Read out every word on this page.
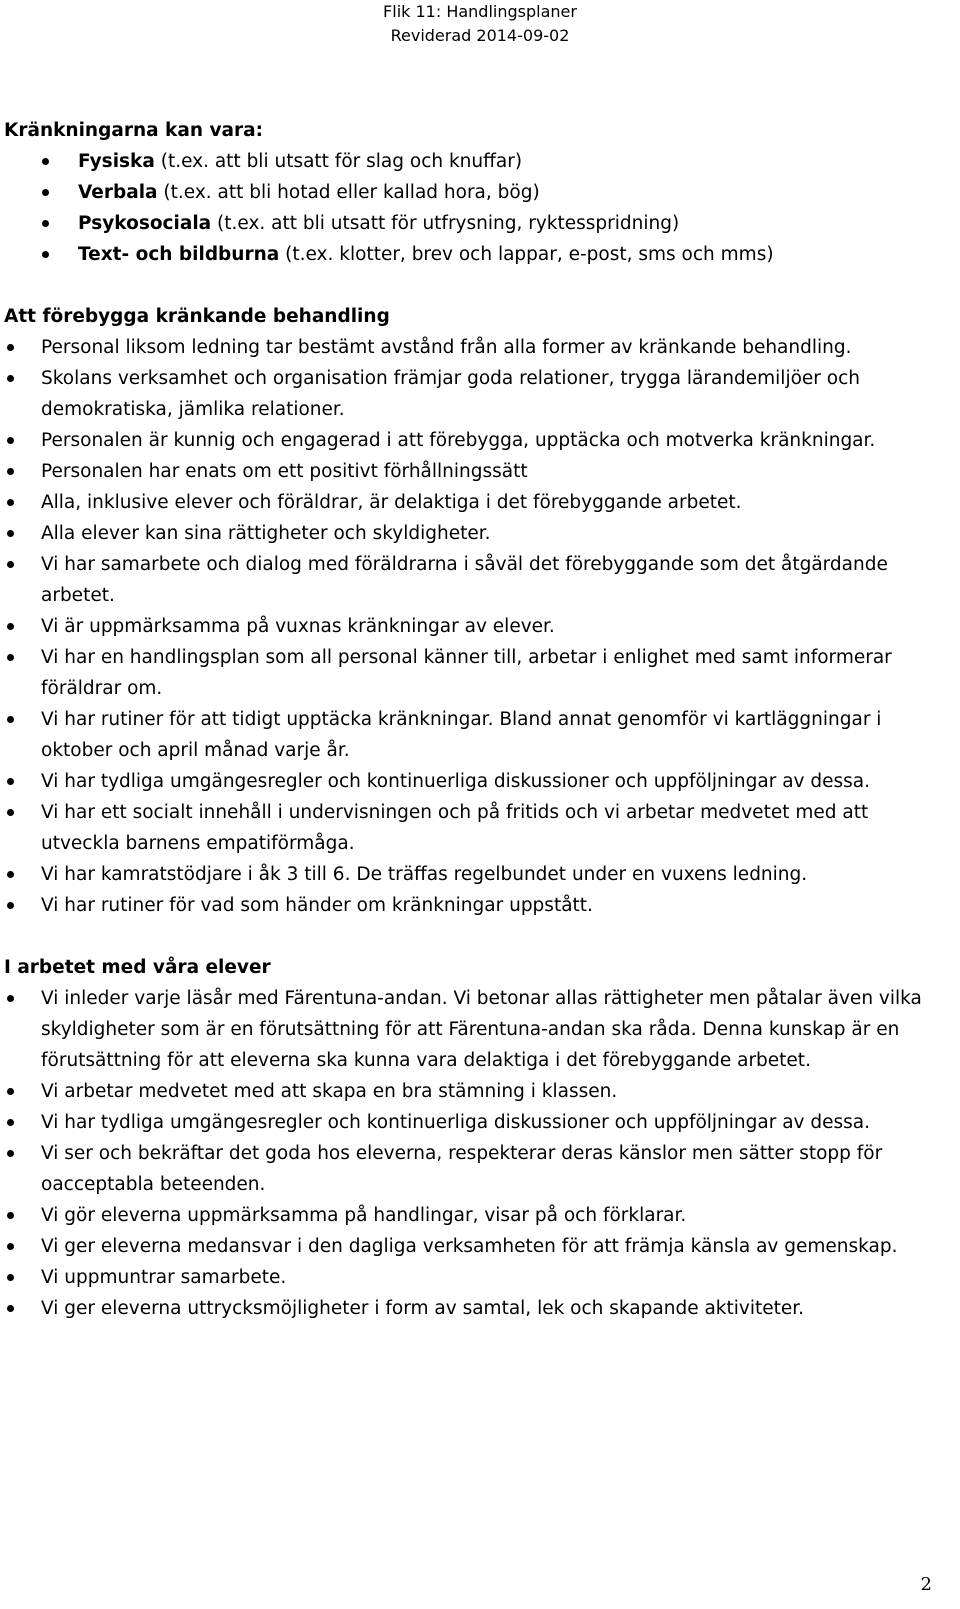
Flik 11: Handlingsplaner
Reviderad 2014-09-02
Kränkningarna kan vara:
Fysiska (t.ex. att bli utsatt för slag och knuffar)
Verbala (t.ex. att bli hotad eller kallad hora, bög)
Psykosociala (t.ex. att bli utsatt för utfrysning, ryktesspridning)
Text- och bildburna (t.ex. klotter, brev och lappar, e-post, sms och mms)
Att förebygga kränkande behandling
Personal liksom ledning tar bestämt avstånd från alla former av kränkande behandling.
Skolans verksamhet och organisation främjar goda relationer, trygga lärandemiljöer och demokratiska, jämlika relationer.
Personalen är kunnig och engagerad i att förebygga, upptäcka och motverka kränkningar.
Personalen har enats om ett positivt förhållningssätt
Alla, inklusive elever och föräldrar, är delaktiga i det förebyggande arbetet.
Alla elever kan sina rättigheter och skyldigheter.
Vi har samarbete och dialog med föräldrarna i såväl det förebyggande som det åtgärdande arbetet.
Vi är uppmärksamma på vuxnas kränkningar av elever.
Vi har en handlingsplan som all personal känner till, arbetar i enlighet med samt informerar föräldrar om.
Vi har rutiner för att tidigt upptäcka kränkningar. Bland annat genomför vi kartläggningar i oktober och april månad varje år.
Vi har tydliga umgängesregler och kontinuerliga diskussioner och uppföljningar av dessa.
Vi har ett socialt innehåll i undervisningen och på fritids och vi arbetar medvetet med att utveckla barnens empatiförmåga.
Vi har kamratstödjare i åk 3 till 6. De träffas regelbundet under en vuxens ledning.
Vi har rutiner för vad som händer om kränkningar uppstått.
I arbetet med våra elever
Vi inleder varje läsår med Färentuna-andan. Vi betonar allas rättigheter men påtalar även vilka skyldigheter som är en förutsättning för att Färentuna-andan ska råda. Denna kunskap är en förutsättning för att eleverna ska kunna vara delaktiga i det förebyggande arbetet.
Vi arbetar medvetet med att skapa en bra stämning i klassen.
Vi har tydliga umgängesregler och kontinuerliga diskussioner och uppföljningar av dessa.
Vi ser och bekräftar det goda hos eleverna, respekterar deras känslor men sätter stopp för oacceptabla beteenden.
Vi gör eleverna uppmärksamma på handlingar, visar på och förklarar.
Vi ger eleverna medansvar i den dagliga verksamheten för att främja känsla av gemenskap.
Vi uppmuntrar samarbete.
Vi ger eleverna uttrycksmöjligheter i form av samtal, lek och skapande aktiviteter.
2
